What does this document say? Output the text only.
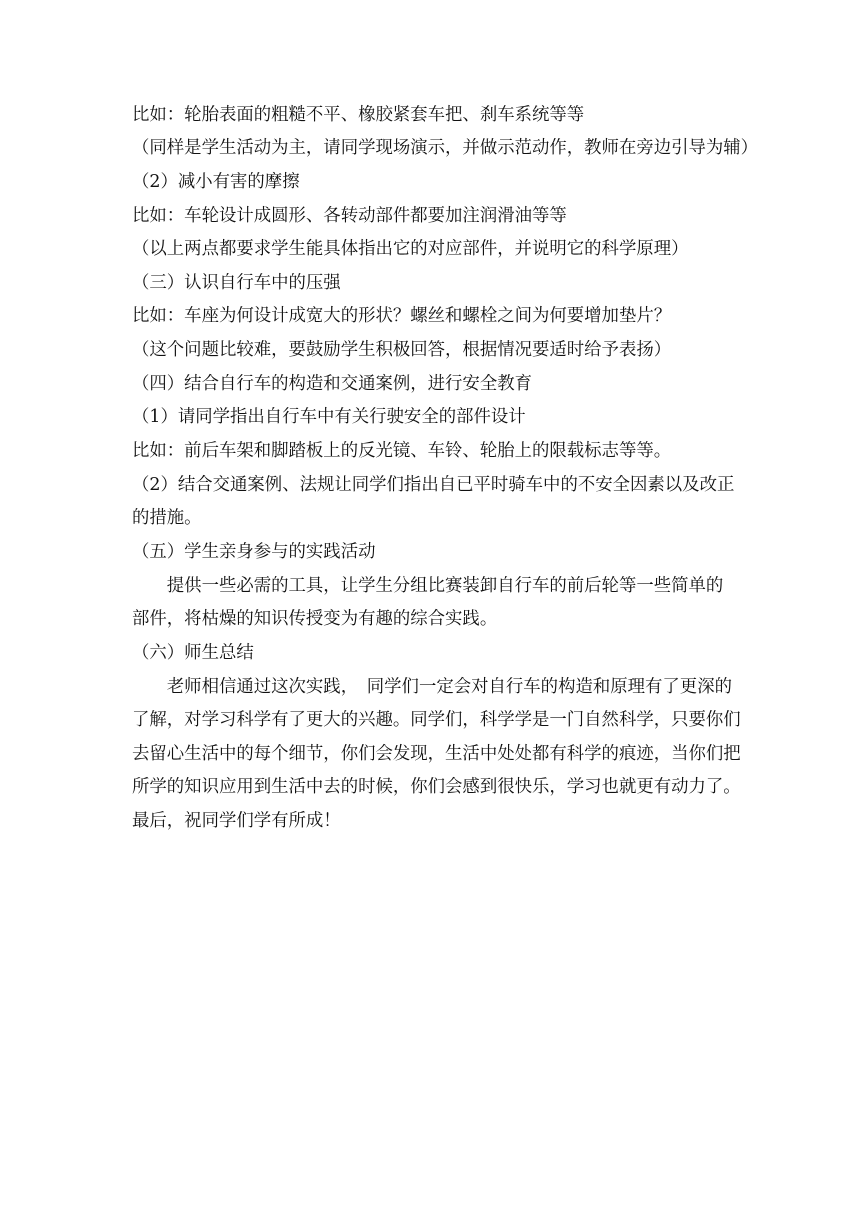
比如：轮胎表面的粗糙不平、橡胶紧套车把、刹车系统等等
（同样是学生活动为主，请同学现场演示，并做示范动作，教师在旁边引导为辅）
（2）减小有害的摩擦
比如：车轮设计成圆形、各转动部件都要加注润滑油等等
（以上两点都要求学生能具体指出它的对应部件，并说明它的科学原理）
（三）认识自行车中的压强
比如：车座为何设计成宽大的形状？螺丝和螺栓之间为何要增加垫片？
（这个问题比较难，要鼓励学生积极回答，根据情况要适时给予表扬）
（四）结合自行车的构造和交通案例，进行安全教育
（1）请同学指出自行车中有关行驶安全的部件设计
比如：前后车架和脚踏板上的反光镜、车铃、轮胎上的限载标志等等。
（2）结合交通案例、法规让同学们指出自已平时骑车中的不安全因素以及改正
的措施。
（五）学生亲身参与的实践活动
　　提供一些必需的工具，让学生分组比赛装卸自行车的前后轮等一些简单的
部件，将枯燥的知识传授变为有趣的综合实践。
（六）师生总结
　　老师相信通过这次实践，　同学们一定会对自行车的构造和原理有了更深的
了解，对学习科学有了更大的兴趣。同学们，科学学是一门自然科学，只要你们
去留心生活中的每个细节，你们会发现，生活中处处都有科学的痕迹，当你们把
所学的知识应用到生活中去的时候，你们会感到很快乐，学习也就更有动力了。
最后，祝同学们学有所成！
